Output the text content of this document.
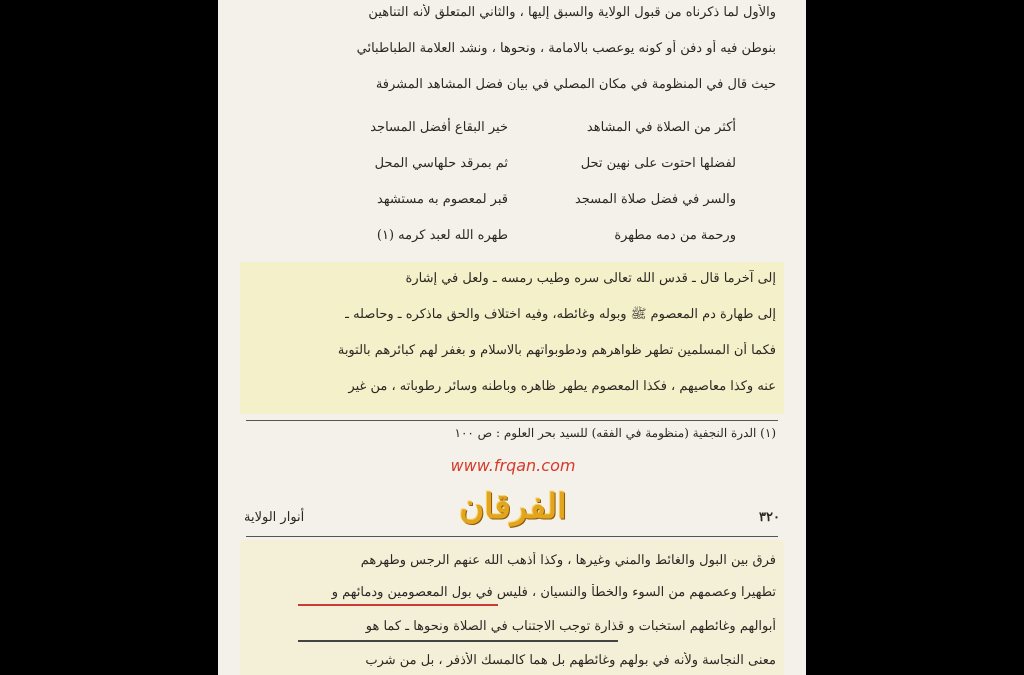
والأول لما ذكرناه من قبول الولاية والسبق إليها ، والثاني المتعلق لأنه التناهين
بنوطن فيه أو دفن أو كونه يوعصب بالامامة ، ونحوها ، ونشد العلامة الطباطبائي
حيث قال في المنظومة في مكان المصلي في بيان فضل المشاهد المشرفة
أكثر من الصلاة في المشاهد
خير البقاع أفضل المساجد
لفضلها احتوت على نهين تحل
ثم بمرقد حلهاسي المحل
والسر في فضل صلاة المسجد
قبر لمعصوم به مستشهد
ورحمة من دمه مطهرة
طهره الله لعبد كرمه (١)
إلى آخرما قال ـ قدس الله تعالى سره وطيب رمسه ـ ولعل في إشارة
إلى طهارة دم المعصوم ﷺ وبوله وغائطه، وفيه اختلاف والحق ماذكره ـ وحاصله ـ
فكما أن المسلمين تطهر ظواهرهم ودطوبواتهم بالاسلام و بغفر لهم كبائرهم بالتوبة
عنه وكذا معاصيهم ، فكذا المعصوم يطهر ظاهره وباطنه وسائر رطوباته ، من غير
(١) الدرة النجفية (منظومة في الفقه) للسيد بحر العلوم : ص ١٠٠
www.frqan.com
الفرقان	٣٢٠
أنوار الولاية
فرق بين البول والغائط والمني وغيرها ، وكذا أذهب الله عنهم الرجس وطهرهم
تطهيرا وعصمهم من السوء والخطأ والنسيان ، فليس في بول المعصومين ودمائهم و
أبوالهم وغائطهم استخبات و قذارة توجب الاجتناب في الصلاة ونحوها ـ كما هو
معنى النجاسة ولأنه في بولهم وغائطهم بل هما كالمسك الأذفر ، بل من شرب
